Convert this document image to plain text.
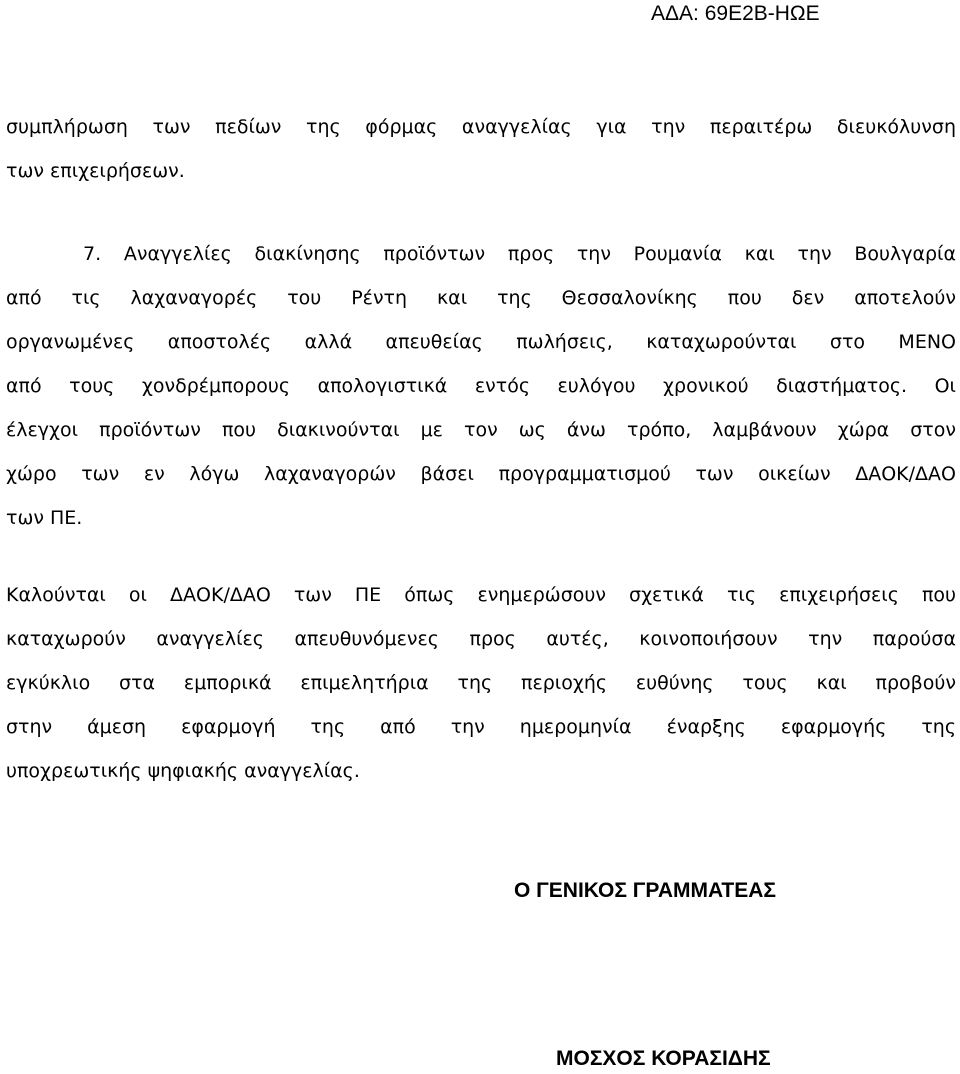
ΑΔΑ: 69Ε2Β-ΗΩΕ
συμπλήρωση των πεδίων της φόρμας αναγγελίας για την περαιτέρω διευκόλυνση
των επιχειρήσεων.
7. Αναγγελίες διακίνησης προϊόντων προς την Ρουμανία και την Βουλγαρία
από τις λαχαναγορές του Ρέντη και της Θεσσαλονίκης που δεν αποτελούν
οργανωμένες αποστολές αλλά απευθείας πωλήσεις, καταχωρούνται στο ΜΕΝΟ
από τους χονδρέμπορους απολογιστικά εντός ευλόγου χρονικού διαστήματος. Οι
έλεγχοι προϊόντων που διακινούνται με τον ως άνω τρόπο, λαμβάνουν χώρα στον
χώρο των εν λόγω λαχαναγορών βάσει προγραμματισμού των οικείων ΔΑΟΚ/ΔΑΟ
των ΠΕ.
Καλούνται οι ΔΑΟΚ/ΔΑΟ των ΠΕ όπως ενημερώσουν σχετικά τις επιχειρήσεις που
καταχωρούν αναγγελίες απευθυνόμενες προς αυτές, κοινοποιήσουν την παρούσα
εγκύκλιο στα εμπορικά επιμελητήρια της περιοχής ευθύνης τους και προβούν
στην άμεση εφαρμογή της από την ημερομηνία έναρξης εφαρμογής της
υποχρεωτικής ψηφιακής αναγγελίας.
Ο ΓΕΝΙΚΟΣ ΓΡΑΜΜΑΤΕΑΣ
ΜΟΣΧΟΣ ΚΟΡΑΣΙΔΗΣ
